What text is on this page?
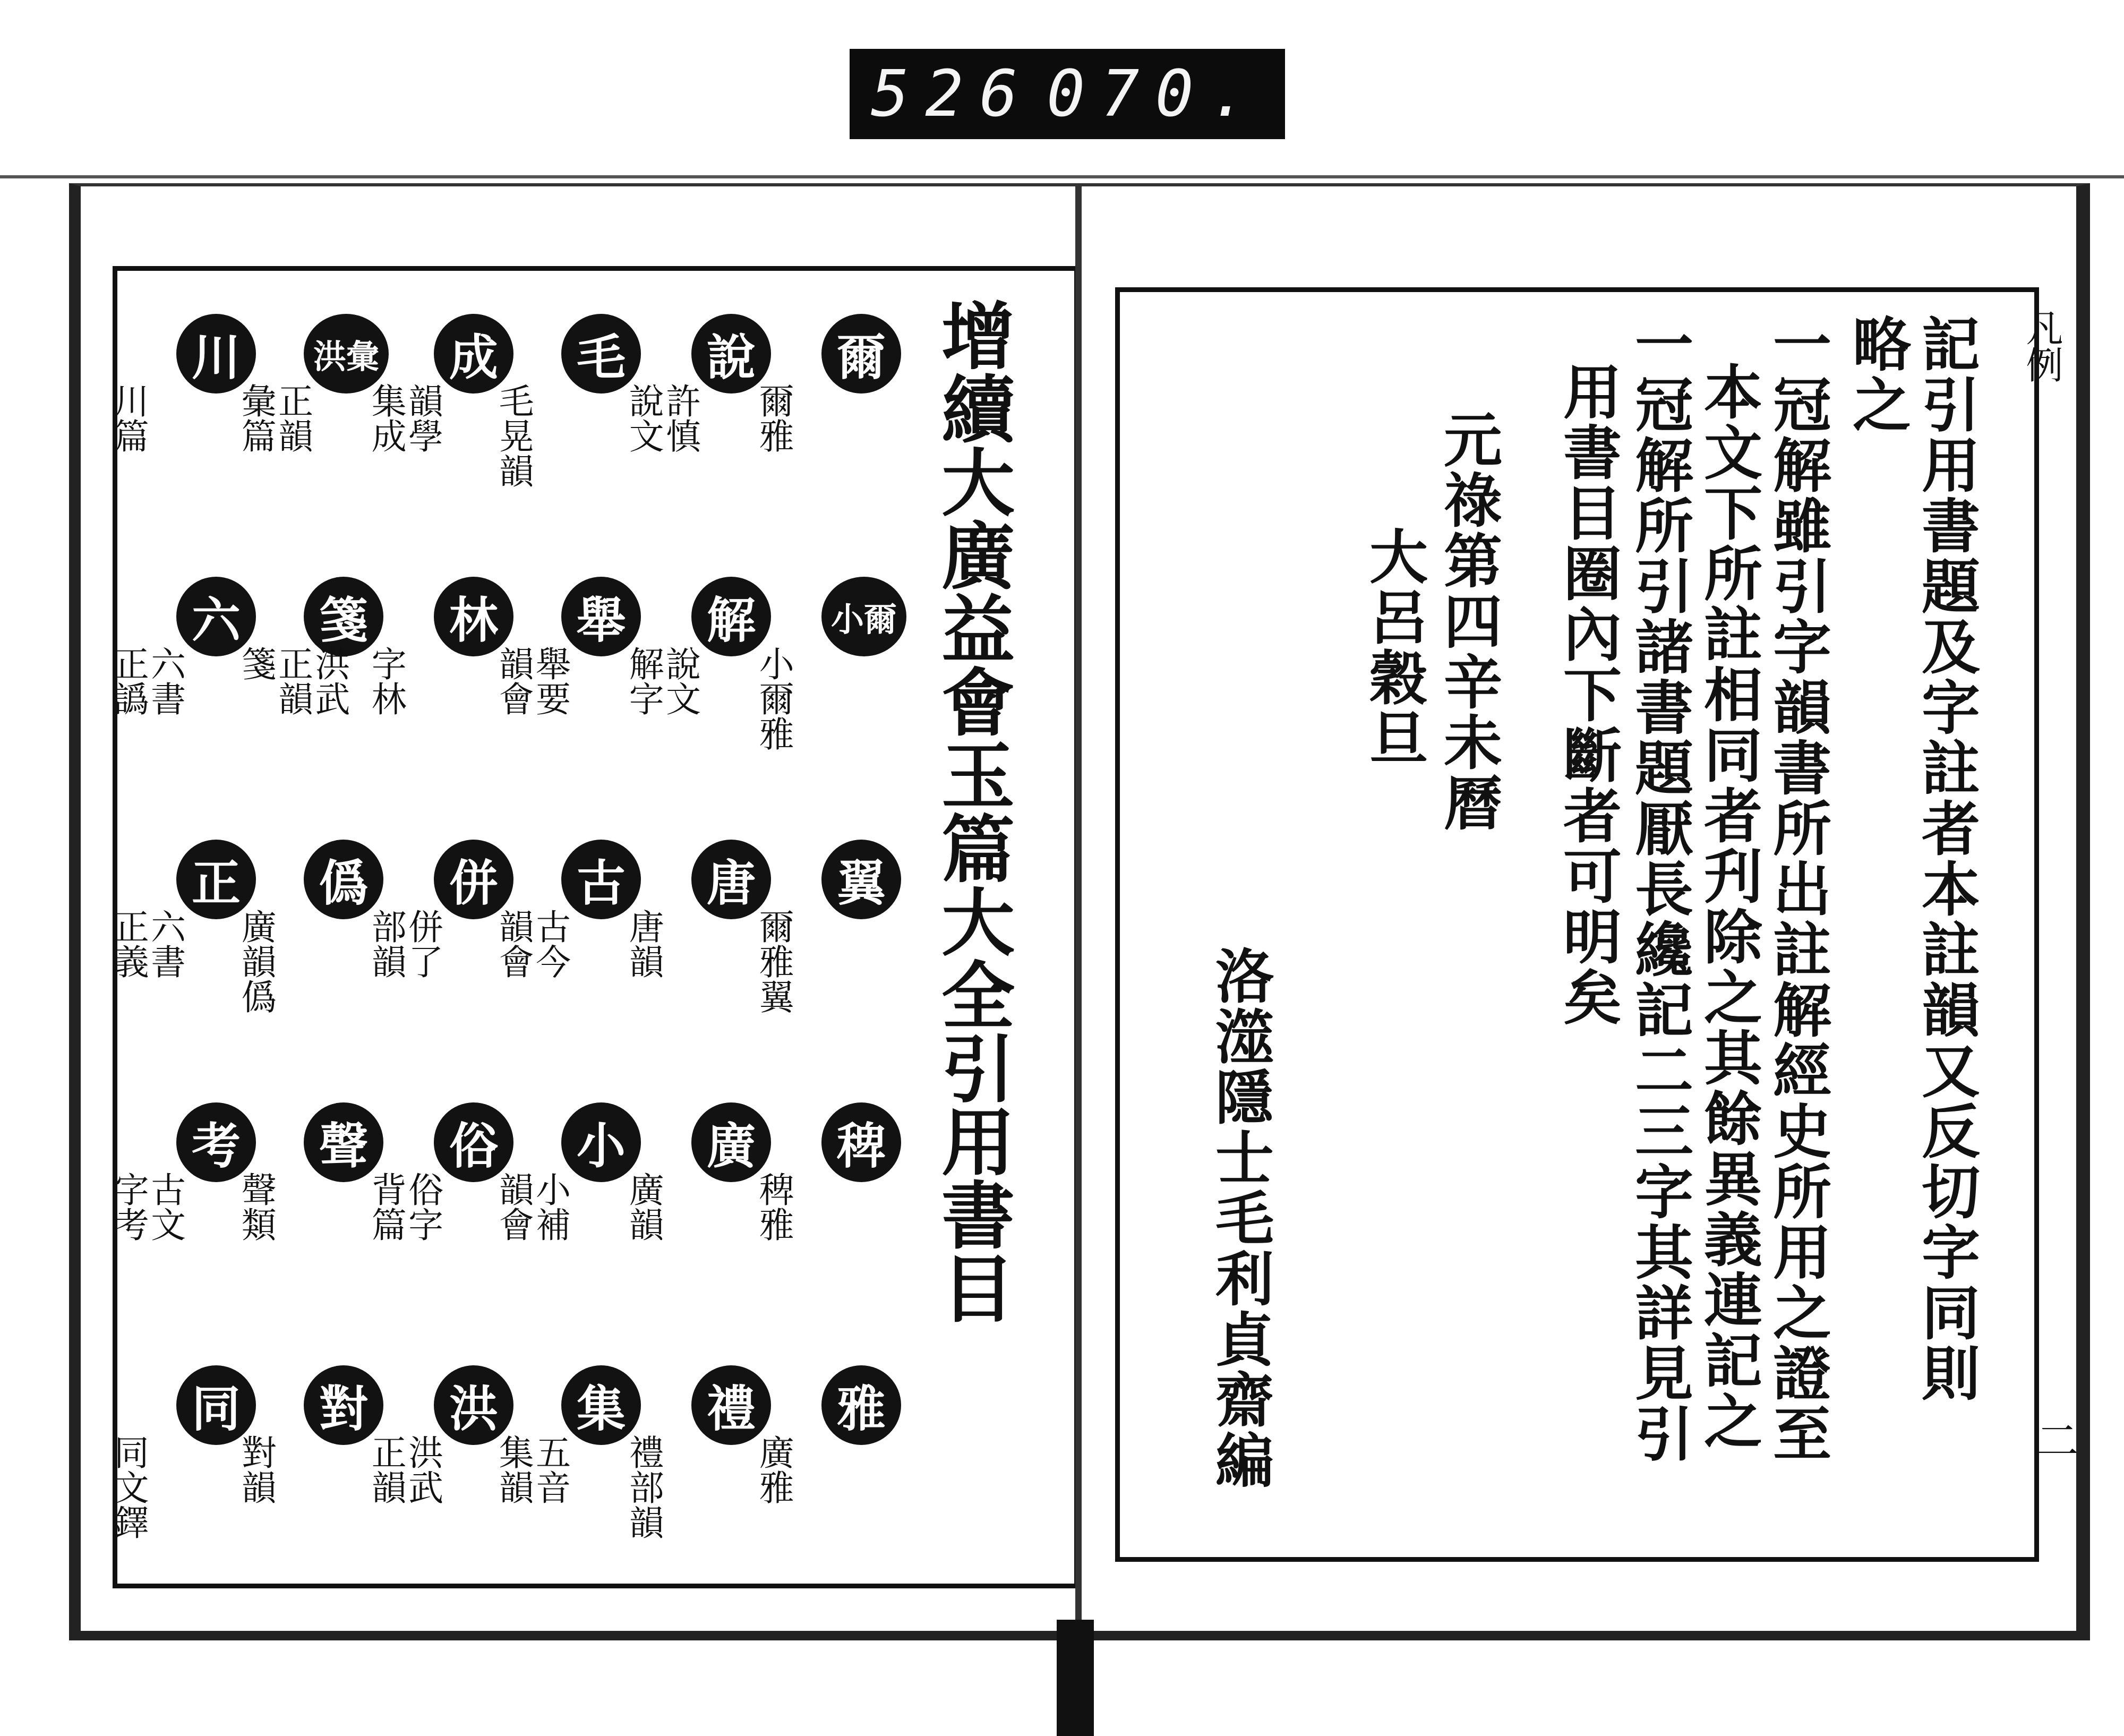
526 070.
增續大廣益會玉篇大全引用書目
爾
爾雅
小爾
小爾雅
翼
爾雅翼
稗
稗雅
雅
廣雅
說
許慎說文
解
說文解字
唐
唐韻
廣
廣韻
禮
禮部韻
毛
毛晃韻
舉
舉要韻會
古
古今韻會
小
小補韻會
集
五音集韻
成
韻學集成
林
字林
併
併了部韻
俗
俗字背篇
洪
洪武正韻
洪彙
正韻彙篇
箋
洪武正韻箋
僞
廣韻僞
聲
聲類
對
對韻
川
川篇
六
六書正譌
正
六書正義
考
古文字考
同
同文鐸
凡例
二
記引用書題及字註者本註韻又反切字同則
略之
一冠解雖引字韻書所出註解經史所用之證至
本文下所註相同者刋除之其餘異義連記之
一冠解所引諸書題厭長纔記二三字其詳見引
用書目圈內下斷者可明矣
元祿第四辛未曆
大呂穀旦
洛澨隱士毛利貞齋編
